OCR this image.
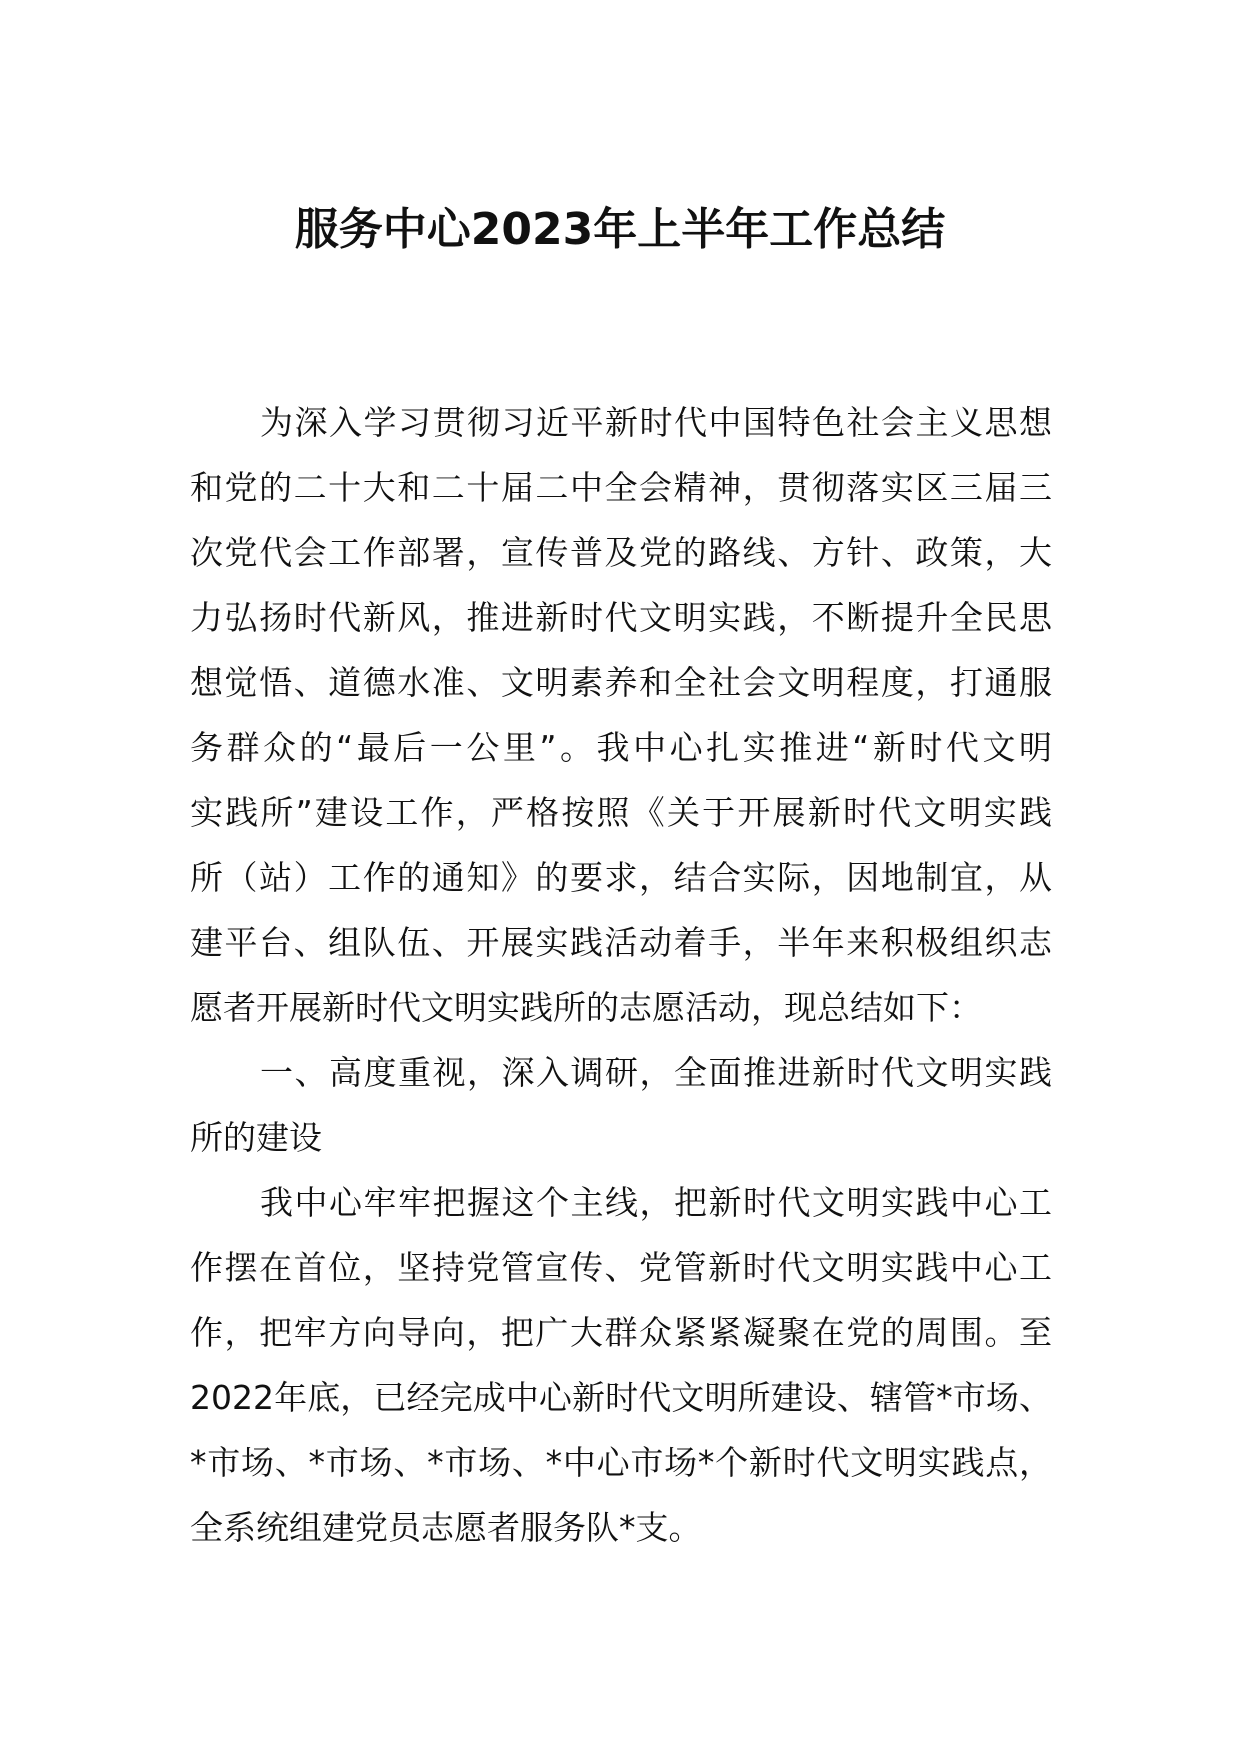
服务中心2023年上半年工作总结
为深入学习贯彻习近平新时代中国特色社会主义思想
和党的二十大和二十届二中全会精神，贯彻落实区三届三
次党代会工作部署，宣传普及党的路线、方针、政策，大
力弘扬时代新风，推进新时代文明实践，不断提升全民思
想觉悟、道德水准、文明素养和全社会文明程度，打通服
务群众的“最后一公里”。我中心扎实推进“新时代文明
实践所”建设工作，严格按照《关于开展新时代文明实践
所（站）工作的通知》的要求，结合实际，因地制宜，从
建平台、组队伍、开展实践活动着手，半年来积极组织志
愿者开展新时代文明实践所的志愿活动，现总结如下：
一、高度重视，深入调研，全面推进新时代文明实践
所的建设
我中心牢牢把握这个主线，把新时代文明实践中心工
作摆在首位，坚持党管宣传、党管新时代文明实践中心工
作，把牢方向导向，把广大群众紧紧凝聚在党的周围。至
2022年底，已经完成中心新时代文明所建设、辖管*市场、
*市场、*市场、*市场、*中心市场*个新时代文明实践点，
全系统组建党员志愿者服务队*支。
